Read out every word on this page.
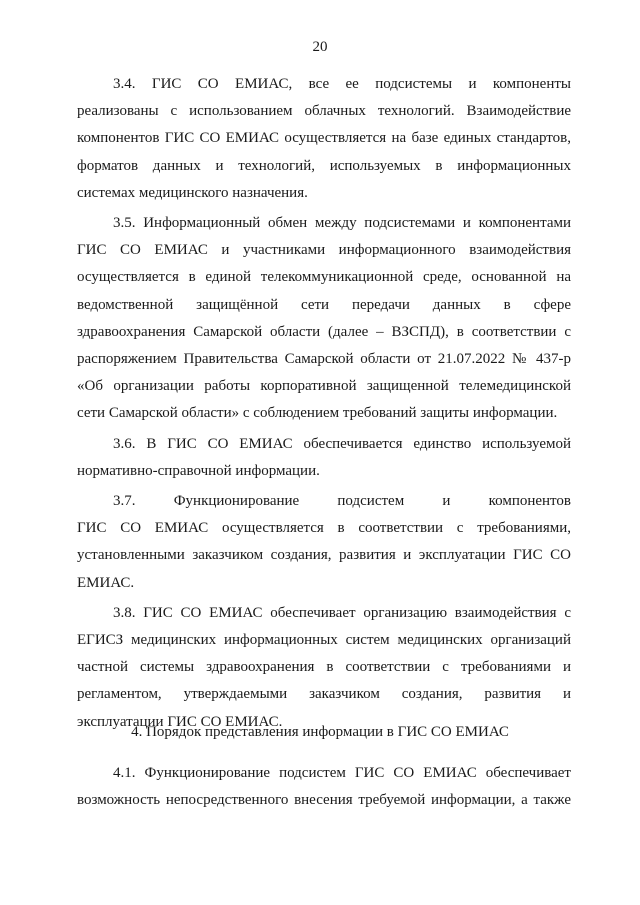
20
3.4. ГИС СО ЕМИАС, все ее подсистемы и компоненты
реализованы с использованием облачных технологий. Взаимодействие
компонентов ГИС СО ЕМИАС осуществляется на базе единых стандартов,
форматов данных и технологий, используемых в информационных
системах медицинского назначения.
3.5. Информационный обмен между подсистемами и компонентами
ГИС СО ЕМИАС и участниками информационного взаимодействия
осуществляется в единой телекоммуникационной среде, основанной на
ведомственной защищённой сети передачи данных в сфере
здравоохранения Самарской области (далее – ВЗСПД), в соответствии с
распоряжением Правительства Самарской области от 21.07.2022 № 437-р
«Об организации работы корпоративной защищенной телемедицинской
сети Самарской области» с соблюдением требований защиты информации.
3.6. В ГИС СО ЕМИАС обеспечивается единство используемой
нормативно-справочной информации.
3.7. Функционирование подсистем и компонентов
ГИС СО ЕМИАС осуществляется в соответствии с требованиями,
установленными заказчиком создания, развития и эксплуатации ГИС СО
ЕМИАС.
3.8. ГИС СО ЕМИАС обеспечивает организацию взаимодействия с
ЕГИСЗ медицинских информационных систем медицинских организаций
частной системы здравоохранения в соответствии с требованиями и
регламентом, утверждаемыми заказчиком создания, развития и
эксплуатации ГИС СО ЕМИАС.
4. Порядок представления информации в ГИС СО ЕМИАС
4.1. Функционирование подсистем ГИС СО ЕМИАС обеспечивает
возможность непосредственного внесения требуемой информации, а также
